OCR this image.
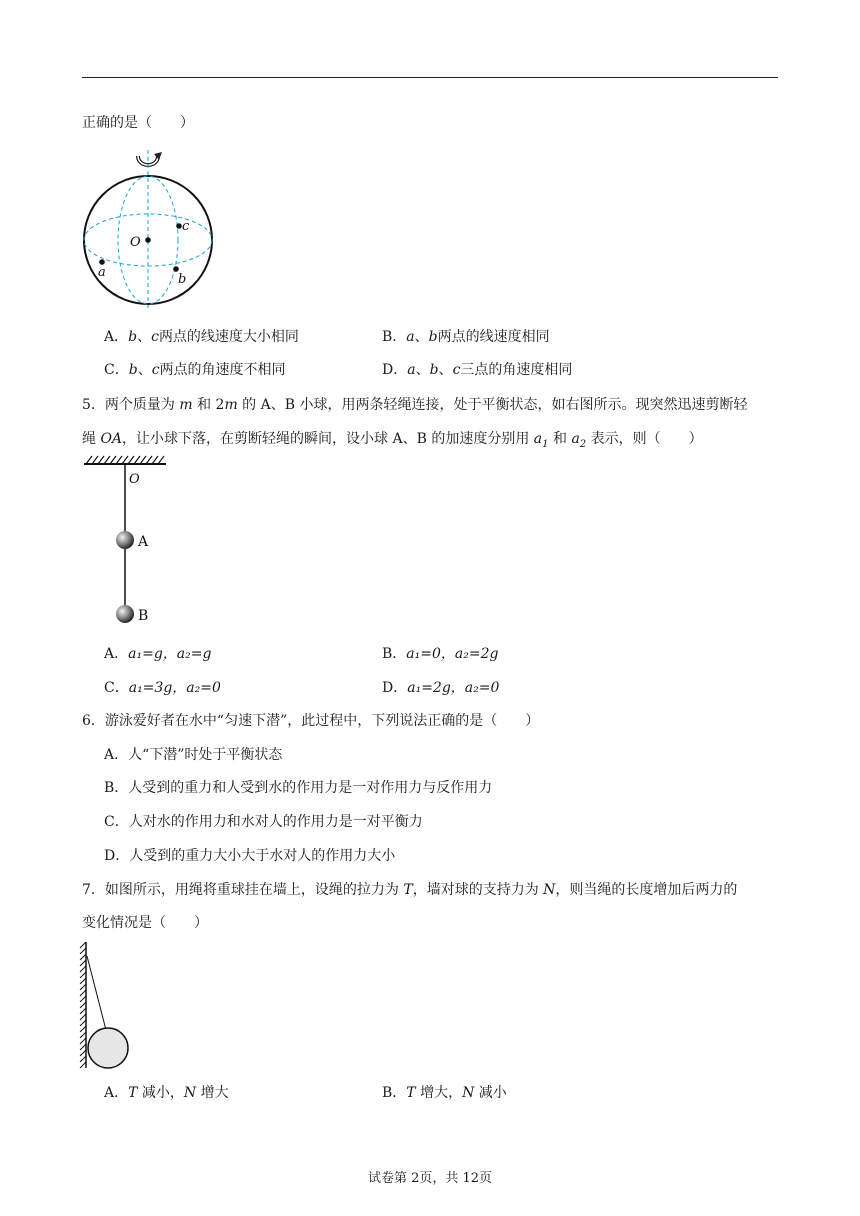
正确的是（　　）
c
O
a	b
A．b、c两点的线速度大小相同	B．a、b两点的线速度相同
C．b、c两点的角速度不相同	D．a、b、c三点的角速度相同
5．两个质量为 m 和 2m 的 A、B 小球，用两条轻绳连接，处于平衡状态，如右图所示。现突然迅速剪断轻
绳 OA，让小球下落，在剪断轻绳的瞬间，设小球 A、B 的加速度分别用 $a_1$ 和 $a_2$ 表示，则（　　）
O
A
B
A．a₁=g，a₂=g	B．a₁=0，a₂=2g
C．a₁=3g，a₂=0	D．a₁=2g，a₂=0
6．游泳爱好者在水中“匀速下潜”，此过程中，下列说法正确的是（　　）
A．人“下潜”时处于平衡状态
B．人受到的重力和人受到水的作用力是一对作用力与反作用力
C．人对水的作用力和水对人的作用力是一对平衡力
D．人受到的重力大小大于水对人的作用力大小
7．如图所示，用绳将重球挂在墙上，设绳的拉力为 T，墙对球的支持力为 N，则当绳的长度增加后两力的
变化情况是（　　）
A．T 减小，N 增大	B．T 增大，N 减小
试卷第 2页，共 12页
